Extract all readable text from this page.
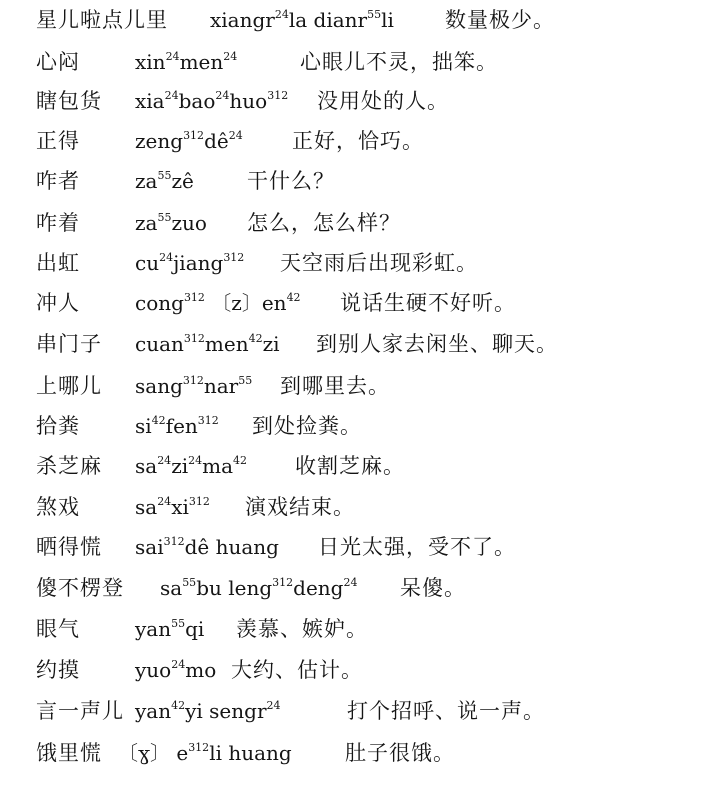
星儿啦点儿里 xiangr$^{24}$la dianr$^{55}$li 数量极少。
心闷	xin$^{24}$men$^{24}$	心眼儿不灵，拙笨。
瞎包货 xia$^{24}$bao$^{24}$huo$^{312}$ 没用处的人。
正得	$zeng^{312}dê^{24}$ 正好，恰巧。
咋者	$za^{55}zê$	干什么？
咋着	$za^{55}zuo$ 怎么，怎么样？
出虹	$cu^{24}jiang^{312}$ 天空雨后出现彩虹。
冲人	cong$^{312}$ 〔z〕$en^{42}$ 说话生硬不好听。
串门子 cuan$^{312}$men$^{42}$zi 到别人家去闲坐、聊天。
上哪儿 sang$^{312}$nar$^{55}$ 到哪里去。
拾粪	$si^{42}fen^{312}$ 到处捡粪。
杀芝麻 $sa^{24}zi^{24}ma^{42}$ 收割芝麻。
煞戏	$sa^{24}xi^{312}$ 演戏结束。
晒得慌 sai$^{312}$dê huang 日光太强，受不了。
傻不楞登 $sa^{55}bu$ leng$^{312}$deng$^{24}$ 呆傻。
眼气	yan$^{55}$qi 羡慕、嫉妒。
约摸	yuo$^{24}$mo 大约、估计。
言一声儿 yan$^{42}$yi sengr$^{24}$	打个招呼、说一声。
饿里慌 〔ɣ〕 $e^{312}li$ huang	肚子很饿。
